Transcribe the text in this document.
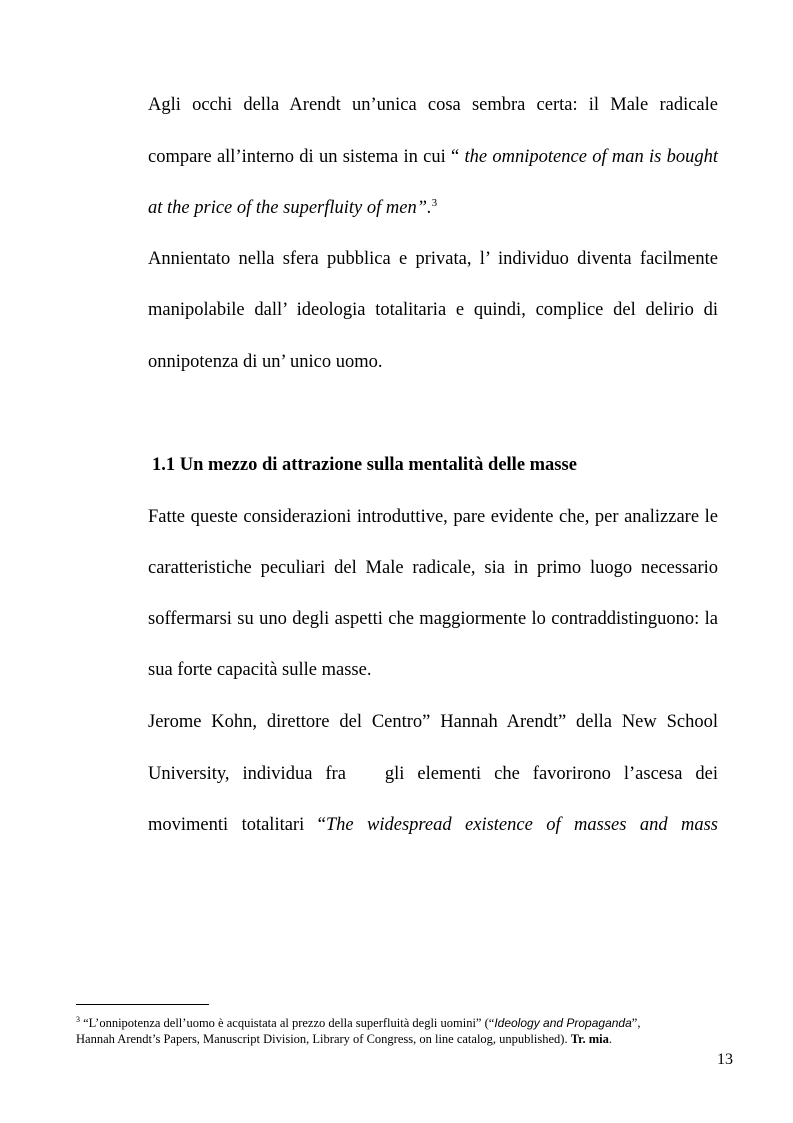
Agli occhi della Arendt un’unica cosa sembra certa: il Male radicale
compare all’interno di un sistema in cui “ the omnipotence of man is bought
at the price of the superfluity of men”.$^3$
Annientato nella sfera pubblica e privata, l’ individuo diventa facilmente
manipolabile dall’ ideologia totalitaria e quindi, complice del delirio di
onnipotenza di un’ unico uomo.
1.1 Un mezzo di attrazione sulla mentalità delle masse
Fatte queste considerazioni introduttive, pare evidente che, per analizzare le
caratteristiche peculiari del Male radicale, sia in primo luogo necessario
soffermarsi su uno degli aspetti che maggiormente lo contraddistinguono: la
sua forte capacità sulle masse.
Jerome Kohn, direttore del Centro” Hannah Arendt” della New School
University, individua fra   gli elementi che favorirono l’ascesa dei
movimenti totalitari “The widespread existence of masses and mass
$^3$ “L’onnipotenza dell’uomo è acquistata al prezzo della superfluità degli uomini” (“Ideology and Propaganda”,
Hannah Arendt’s Papers, Manuscript Division, Library of Congress, on line catalog, unpublished). Tr. mia.
13
